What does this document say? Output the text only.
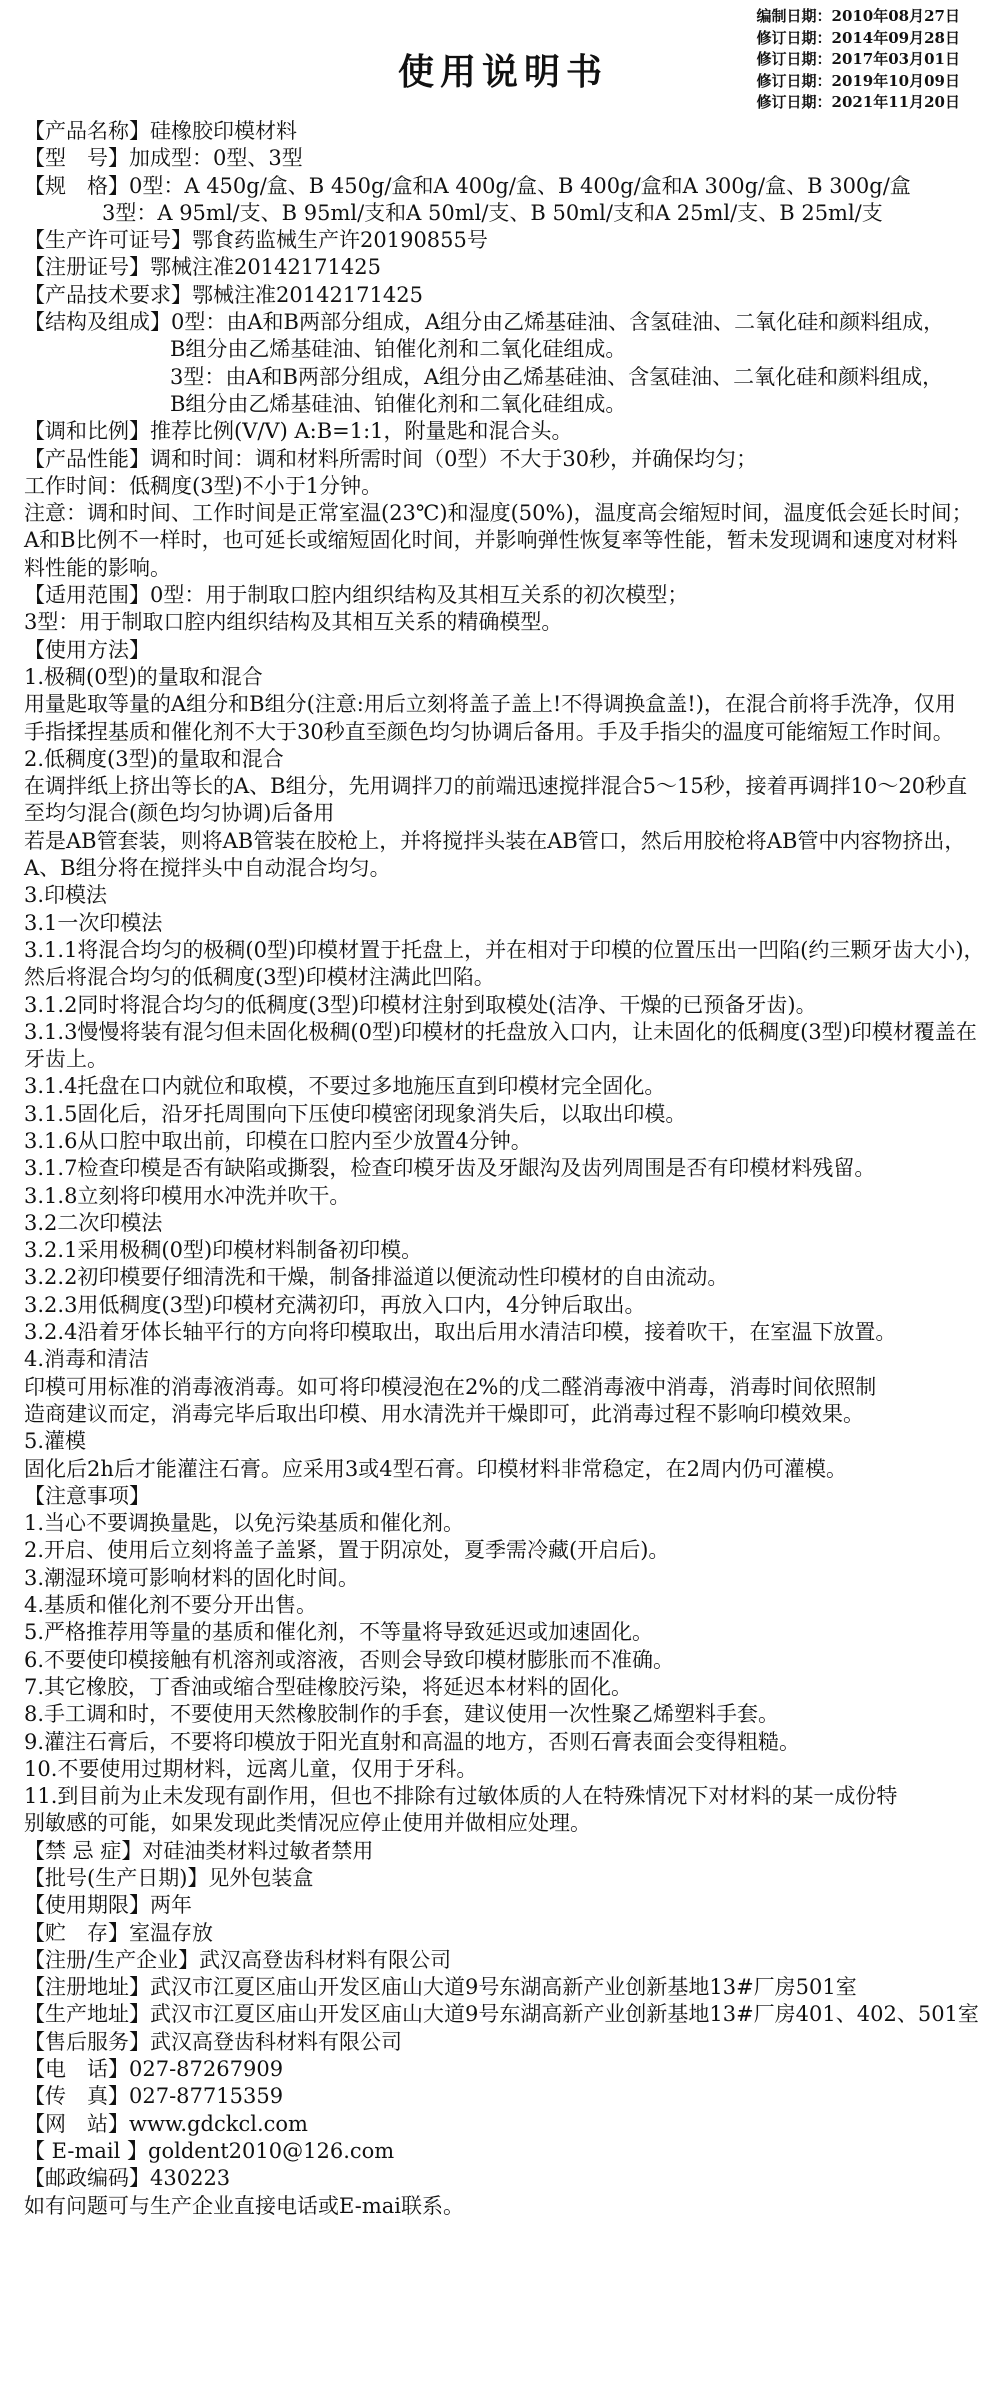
编制日期：2010年08月27日
修订日期：2014年09月28日
修订日期：2017年03月01日
修订日期：2019年10月09日
修订日期：2021年11月20日
使用说明书
【产品名称】硅橡胶印模材料
【型　号】加成型：0型、3型
【规　格】0型：A 450g/盒、B 450g/盒和A 400g/盒、B 400g/盒和A 300g/盒、B 300g/盒
3型：A 95ml/支、B 95ml/支和A 50ml/支、B 50ml/支和A 25ml/支、B 25ml/支
【生产许可证号】鄂食药监械生产许20190855号
【注册证号】鄂械注准20142171425
【产品技术要求】鄂械注准20142171425
【结构及组成】0型：由A和B两部分组成，A组分由乙烯基硅油、含氢硅油、二氧化硅和颜料组成，
B组分由乙烯基硅油、铂催化剂和二氧化硅组成。
3型：由A和B两部分组成，A组分由乙烯基硅油、含氢硅油、二氧化硅和颜料组成，
B组分由乙烯基硅油、铂催化剂和二氧化硅组成。
【调和比例】推荐比例(V/V) A:B=1:1，附量匙和混合头。
【产品性能】调和时间：调和材料所需时间（0型）不大于30秒，并确保均匀；
工作时间：低稠度(3型)不小于1分钟。
注意：调和时间、工作时间是正常室温(23℃)和湿度(50%)，温度高会缩短时间，温度低会延长时间；
A和B比例不一样时，也可延长或缩短固化时间，并影响弹性恢复率等性能，暂未发现调和速度对材料
料性能的影响。
【适用范围】0型：用于制取口腔内组织结构及其相互关系的初次模型；
3型：用于制取口腔内组织结构及其相互关系的精确模型。
【使用方法】
1.极稠(0型)的量取和混合
用量匙取等量的A组分和B组分(注意:用后立刻将盖子盖上!不得调换盒盖!)，在混合前将手洗净，仅用
手指揉捏基质和催化剂不大于30秒直至颜色均匀协调后备用。手及手指尖的温度可能缩短工作时间。
2.低稠度(3型)的量取和混合
在调拌纸上挤出等长的A、B组分，先用调拌刀的前端迅速搅拌混合5～15秒，接着再调拌10～20秒直
至均匀混合(颜色均匀协调)后备用
若是AB管套装，则将AB管装在胶枪上，并将搅拌头装在AB管口，然后用胶枪将AB管中内容物挤出，
A、B组分将在搅拌头中自动混合均匀。
3.印模法
3.1一次印模法
3.1.1将混合均匀的极稠(0型)印模材置于托盘上，并在相对于印模的位置压出一凹陷(约三颗牙齿大小)，
然后将混合均匀的低稠度(3型)印模材注满此凹陷。
3.1.2同时将混合均匀的低稠度(3型)印模材注射到取模处(洁净、干燥的已预备牙齿)。
3.1.3慢慢将装有混匀但未固化极稠(0型)印模材的托盘放入口内，让未固化的低稠度(3型)印模材覆盖在
牙齿上。
3.1.4托盘在口内就位和取模，不要过多地施压直到印模材完全固化。
3.1.5固化后，沿牙托周围向下压使印模密闭现象消失后，以取出印模。
3.1.6从口腔中取出前，印模在口腔内至少放置4分钟。
3.1.7检查印模是否有缺陷或撕裂，检查印模牙齿及牙龈沟及齿列周围是否有印模材料残留。
3.1.8立刻将印模用水冲洗并吹干。
3.2二次印模法
3.2.1采用极稠(0型)印模材料制备初印模。
3.2.2初印模要仔细清洗和干燥，制备排溢道以便流动性印模材的自由流动。
3.2.3用低稠度(3型)印模材充满初印，再放入口内，4分钟后取出。
3.2.4沿着牙体长轴平行的方向将印模取出，取出后用水清洁印模，接着吹干，在室温下放置。
4.消毒和清洁
印模可用标准的消毒液消毒。如可将印模浸泡在2%的戊二醛消毒液中消毒，消毒时间依照制
造商建议而定，消毒完毕后取出印模、用水清洗并干燥即可，此消毒过程不影响印模效果。
5.灌模
固化后2h后才能灌注石膏。应采用3或4型石膏。印模材料非常稳定，在2周内仍可灌模。
【注意事项】
1.当心不要调换量匙，以免污染基质和催化剂。
2.开启、使用后立刻将盖子盖紧，置于阴凉处，夏季需冷藏(开启后)。
3.潮湿环境可影响材料的固化时间。
4.基质和催化剂不要分开出售。
5.严格推荐用等量的基质和催化剂，不等量将导致延迟或加速固化。
6.不要使印模接触有机溶剂或溶液，否则会导致印模材膨胀而不准确。
7.其它橡胶，丁香油或缩合型硅橡胶污染，将延迟本材料的固化。
8.手工调和时，不要使用天然橡胶制作的手套，建议使用一次性聚乙烯塑料手套。
9.灌注石膏后，不要将印模放于阳光直射和高温的地方，否则石膏表面会变得粗糙。
10.不要使用过期材料，远离儿童，仅用于牙科。
11.到目前为止未发现有副作用，但也不排除有过敏体质的人在特殊情况下对材料的某一成份特
别敏感的可能，如果发现此类情况应停止使用并做相应处理。
【禁 忌 症】对硅油类材料过敏者禁用
【批号(生产日期)】见外包装盒
【使用期限】两年
【贮　存】室温存放
【注册/生产企业】武汉高登齿科材料有限公司
【注册地址】武汉市江夏区庙山开发区庙山大道9号东湖高新产业创新基地13#厂房501室
【生产地址】武汉市江夏区庙山开发区庙山大道9号东湖高新产业创新基地13#厂房401、402、501室
【售后服务】武汉高登齿科材料有限公司
【电　话】027-87267909
【传　真】027-87715359
【网　站】www.gdckcl.com
【 E-mail 】goldent2010@126.com
【邮政编码】430223
如有问题可与生产企业直接电话或E-mai联系。
